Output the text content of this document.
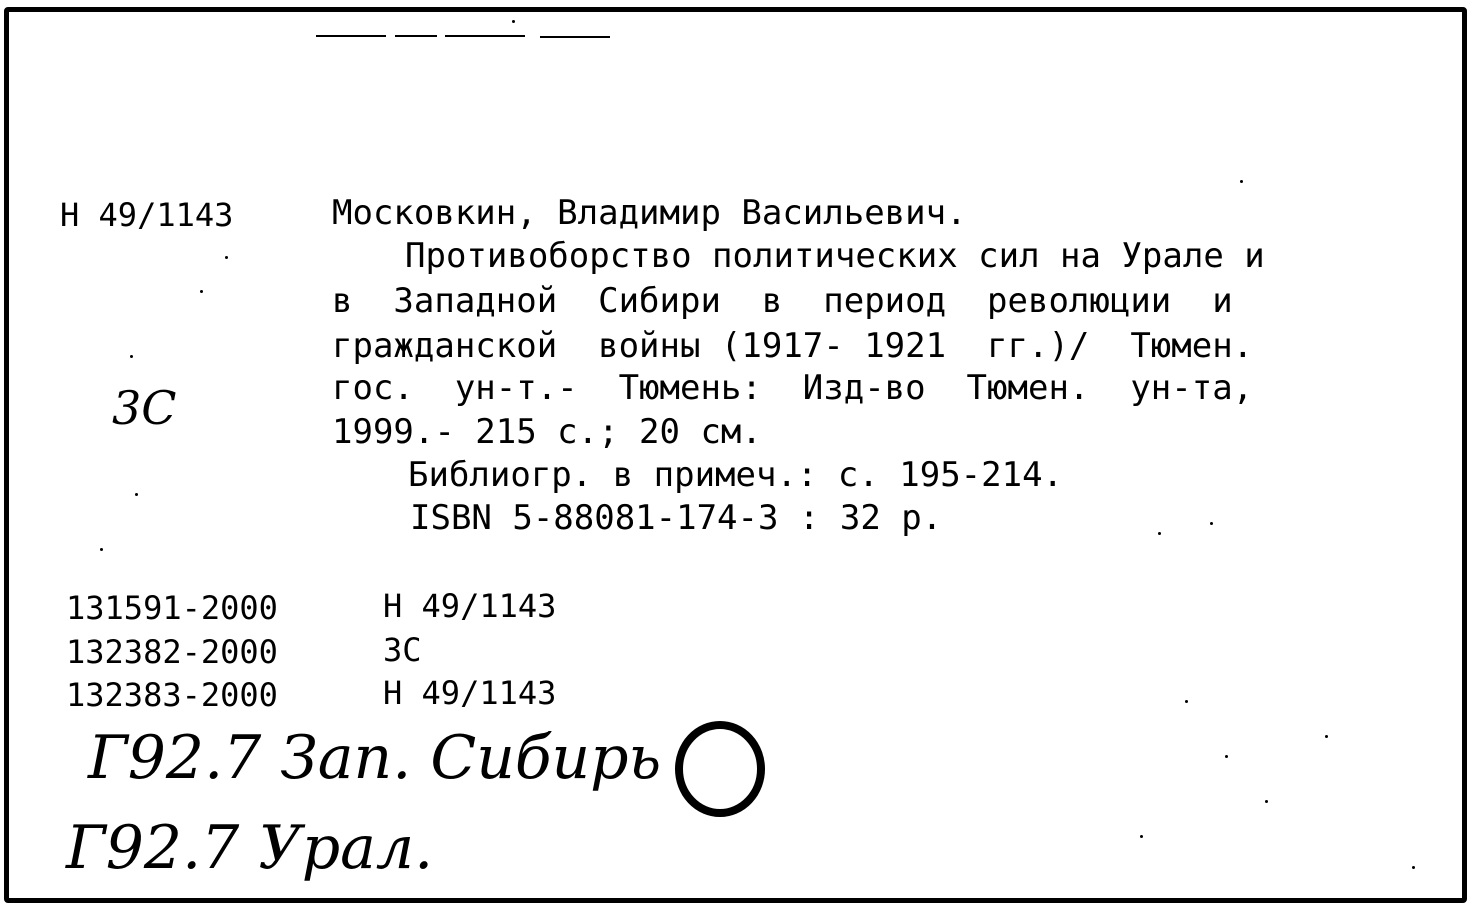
Н 49/1143	Московкин, Владимир Васильевич.
Противоборство политических сил на Урале и
в  Западной  Сибири  в  период  революции  и
гражданской  войны (1917- 1921  гг.)/  Тюмен.
гос.  ун-т.-  Тюмень:  Изд-во  Тюмен.  ун-та,
1999.- 215 с.; 20 см.
Библиогр. в примеч.: с. 195-214.
ISBN 5-88081-174-3 : 32 р.
3С
131591-2000	Н 49/1143
132382-2000	3С
132383-2000	Н 49/1143
Г92.7 Зап. Сибирь
Г92.7 Урал.
